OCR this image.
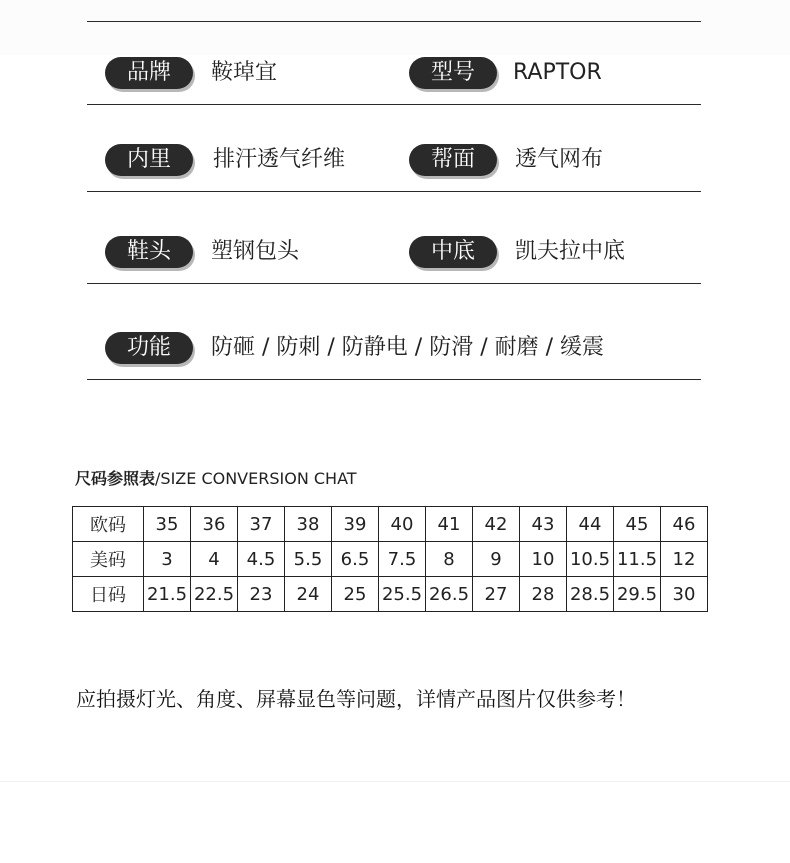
品牌	鞍琸宜	型号	RAPTOR
内里	排汗透气纤维	帮面	透气网布
鞋头	塑钢包头	中底	凯夫拉中底
功能	防砸 / 防刺 / 防静电 / 防滑 / 耐磨 / 缓震
尺码参照表/SIZE CONVERSION CHAT
欧码	35	36	37	38	39	40	41	42	43	44	45	46
美码	3	4	4.5	5.5	6.5	7.5	8	9	10	10.5	11.5	12
日码	21.5	22.5	23	24	25	25.5	26.5	27	28	28.5	29.5	30
应拍摄灯光、角度、屏幕显色等问题，详情产品图片仅供参考！
